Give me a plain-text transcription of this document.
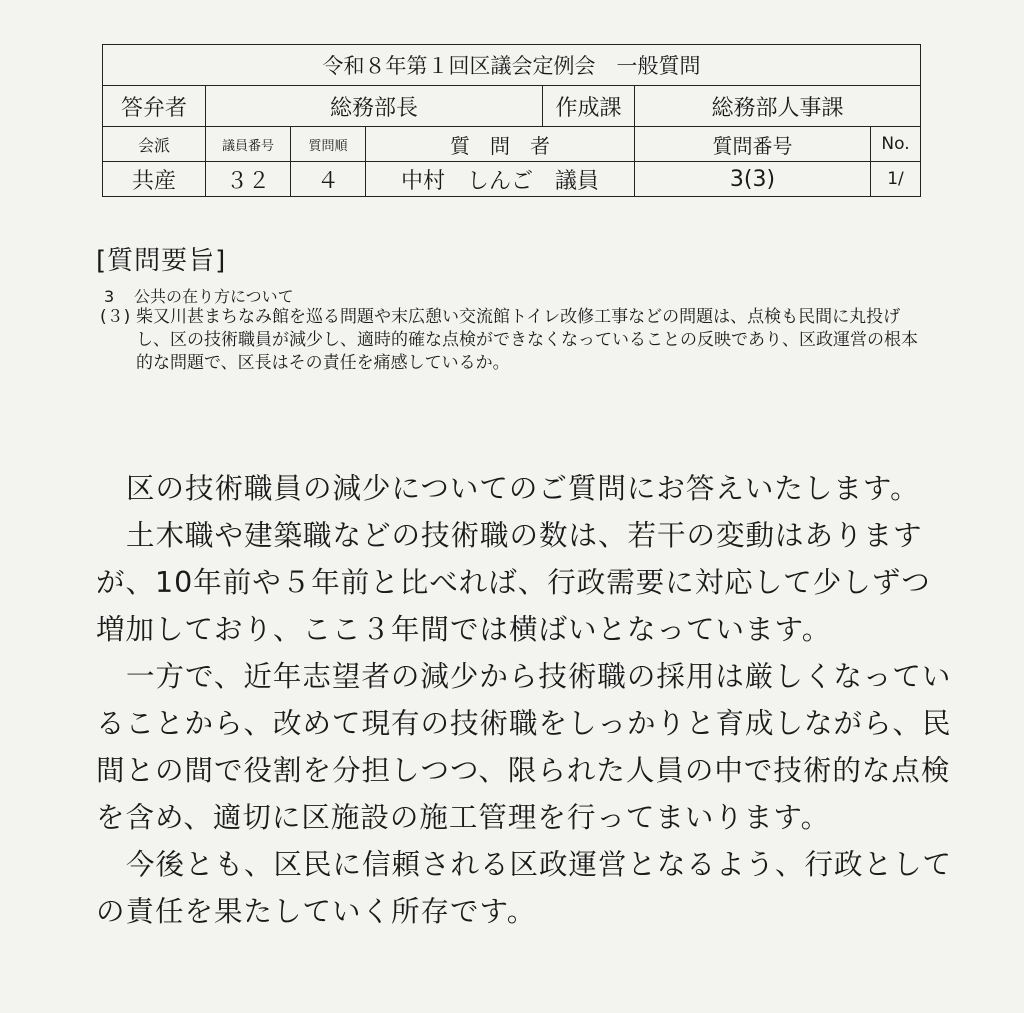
令和８年第１回区議会定例会　一般質問						
答弁者	総務部長			作成課	総務部人事課	
会派	議員番号	質問順	質　問　者		質問番号	No.
共産	３２	４	中村　しんご　議員		3(3)	1/
[質問要旨]
3 公共の在り方について
(３) 柴又川甚まちなみ館を巡る問題や末広憩い交流館トイレ改修工事などの問題は、点検も民間に丸投げし、区の技術職員が減少し、適時的確な点検ができなくなっていることの反映であり、区政運営の根本的な問題で、区長はその責任を痛感しているか。

区の技術職員の減少についてのご質問にお答えいたします。

土木職や建築職などの技術職の数は、若干の変動はありますが、10年前や５年前と比べれば、行政需要に対応して少しずつ増加しており、ここ３年間では横ばいとなっています。

一方で、近年志望者の減少から技術職の採用は厳しくなっていることから、改めて現有の技術職をしっかりと育成しながら、民間との間で役割を分担しつつ、限られた人員の中で技術的な点検を含め、適切に区施設の施工管理を行ってまいります。

今後とも、区民に信頼される区政運営となるよう、行政としての責任を果たしていく所存です。
